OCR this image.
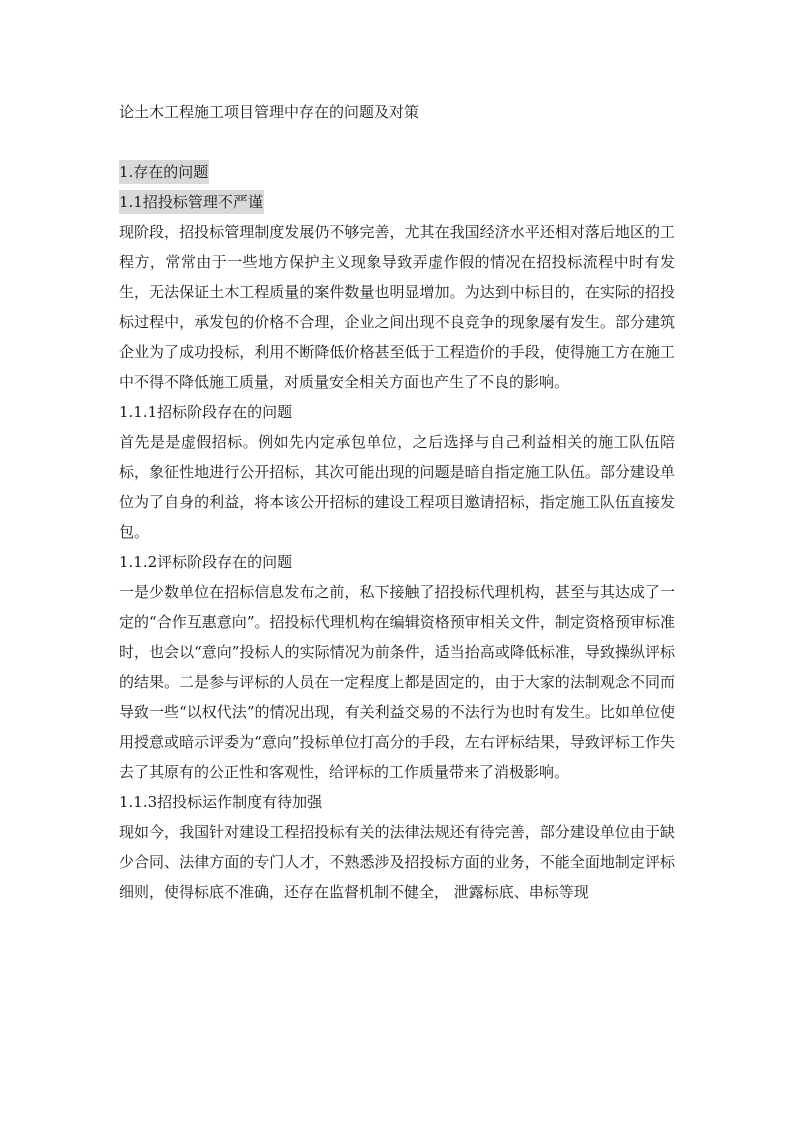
论土木工程施工项目管理中存在的问题及对策
1.存在的问题
1.1招投标管理不严谨

现阶段，招投标管理制度发展仍不够完善，尤其在我国经济水平还相对落后地区的工程方，常常由于一些地方保护主义现象导致弄虚作假的情况在招投标流程中时有发生，无法保证土木工程质量的案件数量也明显增加。为达到中标目的，在实际的招投标过程中，承发包的价格不合理，企业之间出现不良竞争的现象屡有发生。部分建筑企业为了成功投标，利用不断降低价格甚至低于工程造价的手段，使得施工方在施工中不得不降低施工质量，对质量安全相关方面也产生了不良的影响。

1.1.1招标阶段存在的问题

首先是是虚假招标。例如先内定承包单位，之后选择与自己利益相关的施工队伍陪标，象征性地进行公开招标，其次可能出现的问题是暗自指定施工队伍。部分建设单位为了自身的利益，将本该公开招标的建设工程项目邀请招标，指定施工队伍直接发包。

1.1.2评标阶段存在的问题

一是少数单位在招标信息发布之前，私下接触了招投标代理机构，甚至与其达成了一定的“合作互惠意向”。招投标代理机构在编辑资格预审相关文件，制定资格预审标准时，也会以“意向”投标人的实际情况为前条件，适当抬高或降低标准，导致操纵评标的结果。二是参与评标的人员在一定程度上都是固定的，由于大家的法制观念不同而导致一些“以权代法”的情况出现，有关利益交易的不法行为也时有发生。比如单位使用授意或暗示评委为“意向”投标单位打高分的手段，左右评标结果，导致评标工作失去了其原有的公正性和客观性，给评标的工作质量带来了消极影响。

1.1.3招投标运作制度有待加强

现如今，我国针对建设工程招投标有关的法律法规还有待完善，部分建设单位由于缺少合同、法律方面的专门人才，不熟悉涉及招投标方面的业务，不能全面地制定评标细则，使得标底不准确，还存在监督机制不健全， 泄露标底、串标等现
